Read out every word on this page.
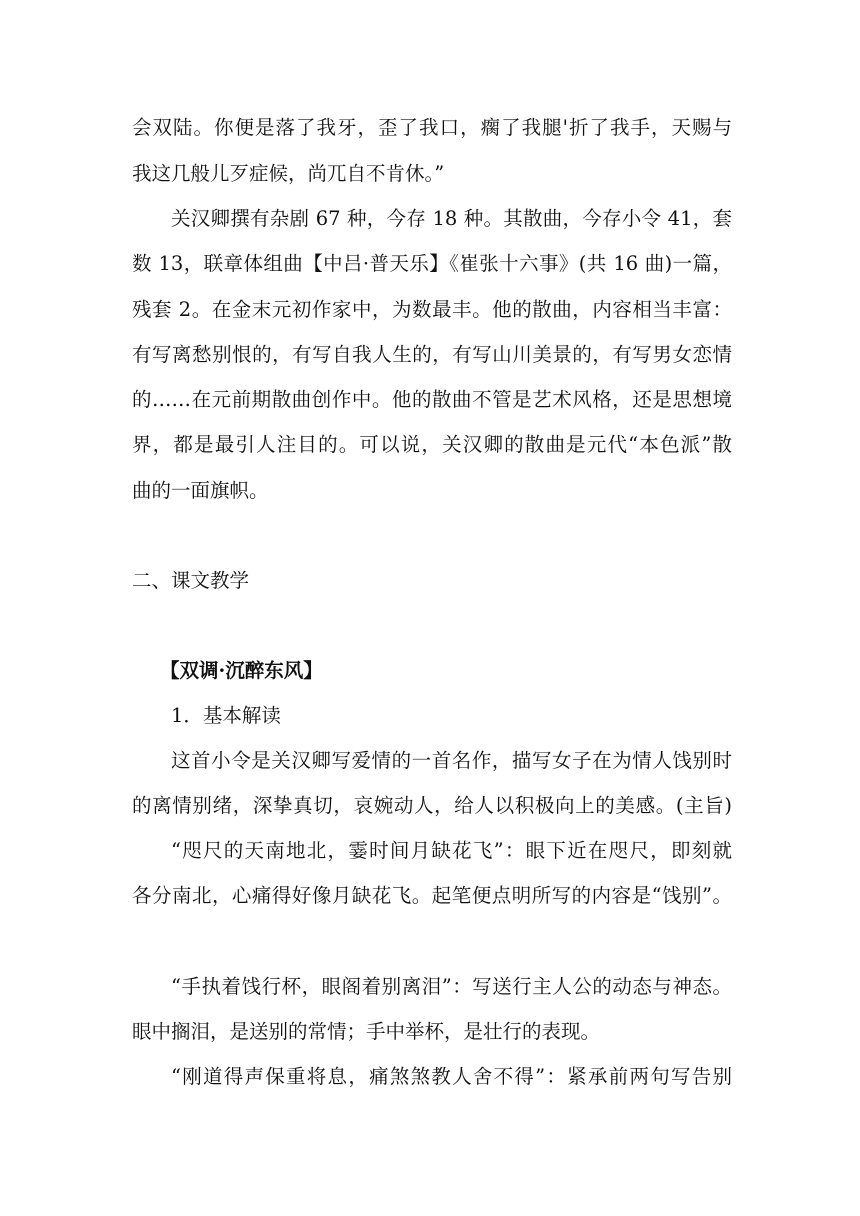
会双陆。你便是落了我牙，歪了我口，瘸了我腿'折了我手，天赐与
我这几般儿歹症候，尚兀自不肯休。”
关汉卿撰有杂剧 67 种，今存 18 种。其散曲，今存小令 41，套
数 13，联章体组曲【中吕·普天乐】《崔张十六事》(共 16 曲)一篇，
残套 2。在金末元初作家中，为数最丰。他的散曲，内容相当丰富：
有写离愁别恨的，有写自我人生的，有写山川美景的，有写男女恋情
的……在元前期散曲创作中。他的散曲不管是艺术风格，还是思想境
界，都是最引人注目的。可以说，关汉卿的散曲是元代“本色派”散
曲的一面旗帜。
二、课文教学
【双调·沉醉东风】
1．基本解读
这首小令是关汉卿写爱情的一首名作，描写女子在为情人饯别时
的离情别绪，深挚真切，哀婉动人，给人以积极向上的美感。(主旨)
“咫尺的天南地北，霎时间月缺花飞”：眼下近在咫尺，即刻就
各分南北，心痛得好像月缺花飞。起笔便点明所写的内容是“饯别”。
“手执着饯行杯，眼阁着别离泪”：写送行主人公的动态与神态。
眼中搁泪，是送别的常情；手中举杯，是壮行的表现。
“刚道得声保重将息，痛煞煞教人舍不得”：紧承前两句写告别
